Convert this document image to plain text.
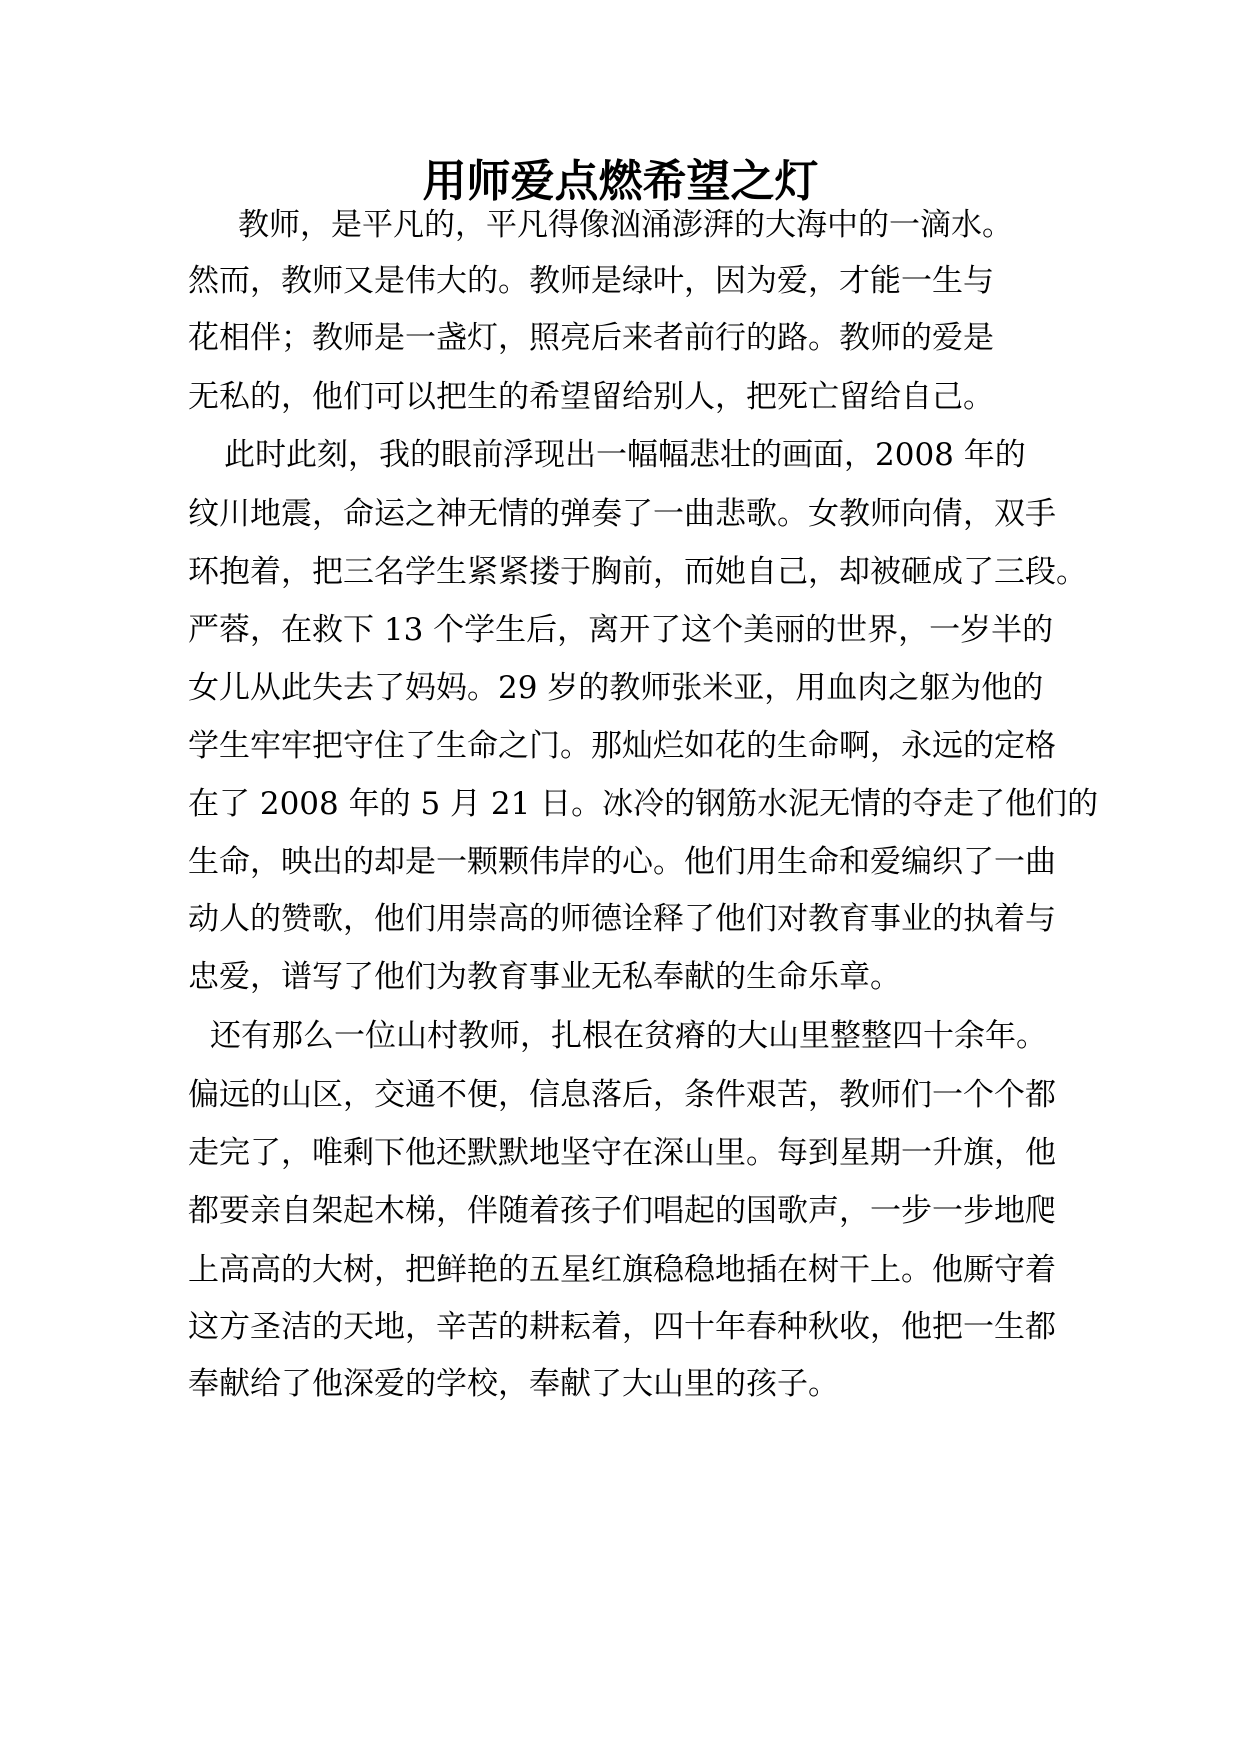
用师爱点燃希望之灯

教师，是平凡的，平凡得像汹涌澎湃的大海中的一滴水。

然而，教师又是伟大的。教师是绿叶，因为爱，才能一生与

花相伴；教师是一盏灯，照亮后来者前行的路。教师的爱是

无私的，他们可以把生的希望留给别人，把死亡留给自己。

此时此刻，我的眼前浮现出一幅幅悲壮的画面，2008 年的

纹川地震，命运之神无情的弹奏了一曲悲歌。女教师向倩，双手

环抱着，把三名学生紧紧搂于胸前，而她自己，却被砸成了三段。

严蓉，在救下 13 个学生后，离开了这个美丽的世界，一岁半的

女儿从此失去了妈妈。29 岁的教师张米亚，用血肉之躯为他的

学生牢牢把守住了生命之门。那灿烂如花的生命啊，永远的定格

在了 2008 年的 5 月 21 日。冰冷的钢筋水泥无情的夺走了他们的

生命，映出的却是一颗颗伟岸的心。他们用生命和爱编织了一曲

动人的赞歌，他们用崇高的师德诠释了他们对教育事业的执着与

忠爱，谱写了他们为教育事业无私奉献的生命乐章。

还有那么一位山村教师，扎根在贫瘠的大山里整整四十余年。

偏远的山区，交通不便，信息落后，条件艰苦，教师们一个个都

走完了，唯剩下他还默默地坚守在深山里。每到星期一升旗，他

都要亲自架起木梯，伴随着孩子们唱起的国歌声，一步一步地爬

上高高的大树，把鲜艳的五星红旗稳稳地插在树干上。他厮守着

这方圣洁的天地，辛苦的耕耘着，四十年春种秋收，他把一生都

奉献给了他深爱的学校，奉献了大山里的孩子。
